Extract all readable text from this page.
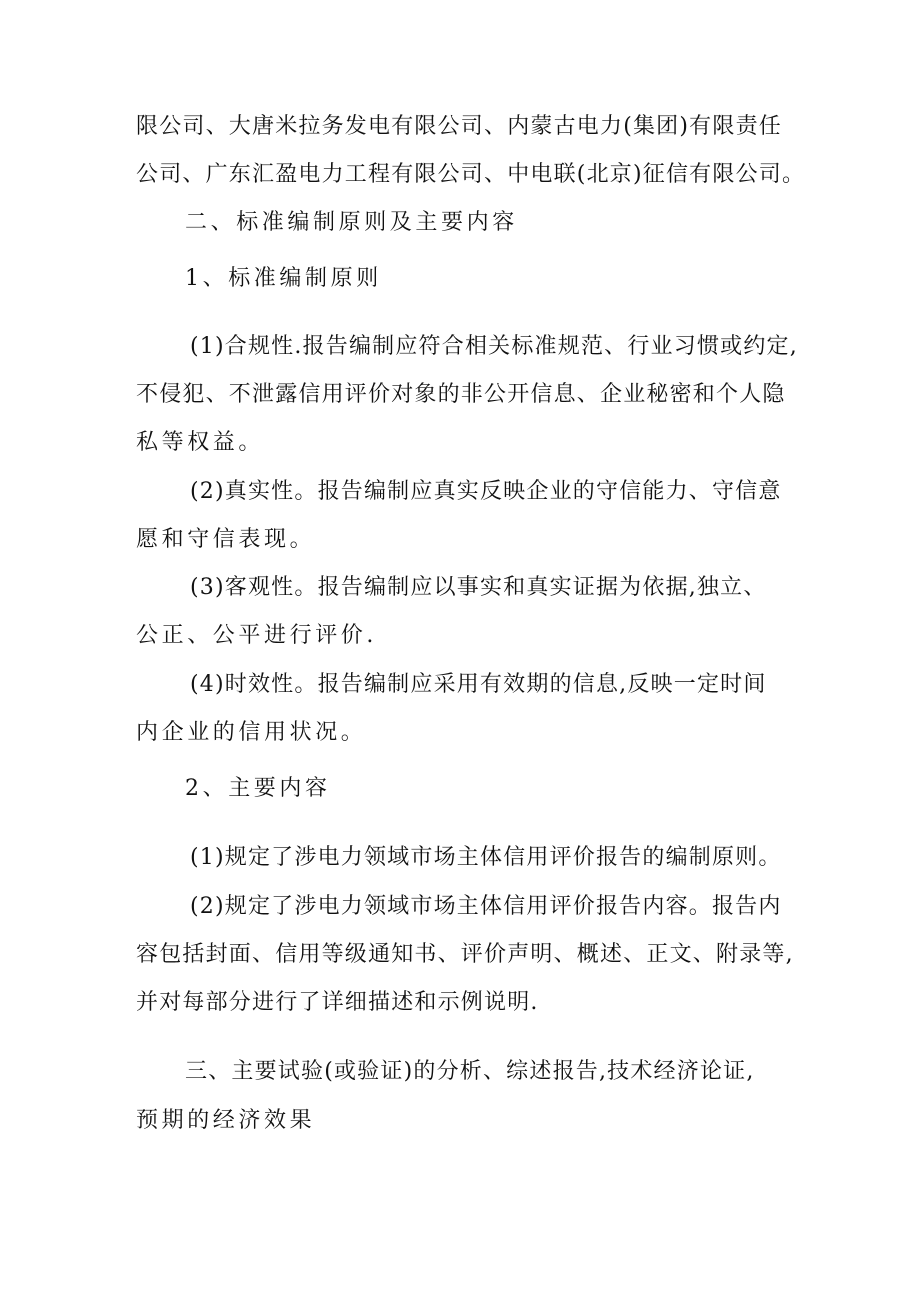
限公司、大唐米拉务发电有限公司、内蒙古电力(集团)有限责任
公司、广东汇盈电力工程有限公司、中电联(北京)征信有限公司。
二、标准编制原则及主要内容
1、标准编制原则
(1)合规性.报告编制应符合相关标准规范、行业习惯或约定,
不侵犯、不泄露信用评价对象的非公开信息、企业秘密和个人隐
私等权益。
(2)真实性。报告编制应真实反映企业的守信能力、守信意
愿和守信表现。
(3)客观性。报告编制应以事实和真实证据为依据,独立、
公正、公平进行评价.
(4)时效性。报告编制应采用有效期的信息,反映一定时间
内企业的信用状况。
2、主要内容
(1)规定了涉电力领域市场主体信用评价报告的编制原则。
(2)规定了涉电力领域市场主体信用评价报告内容。报告内
容包括封面、信用等级通知书、评价声明、概述、正文、附录等,
并对每部分进行了详细描述和示例说明.
三、主要试验(或验证)的分析、综述报告,技术经济论证,
预期的经济效果
